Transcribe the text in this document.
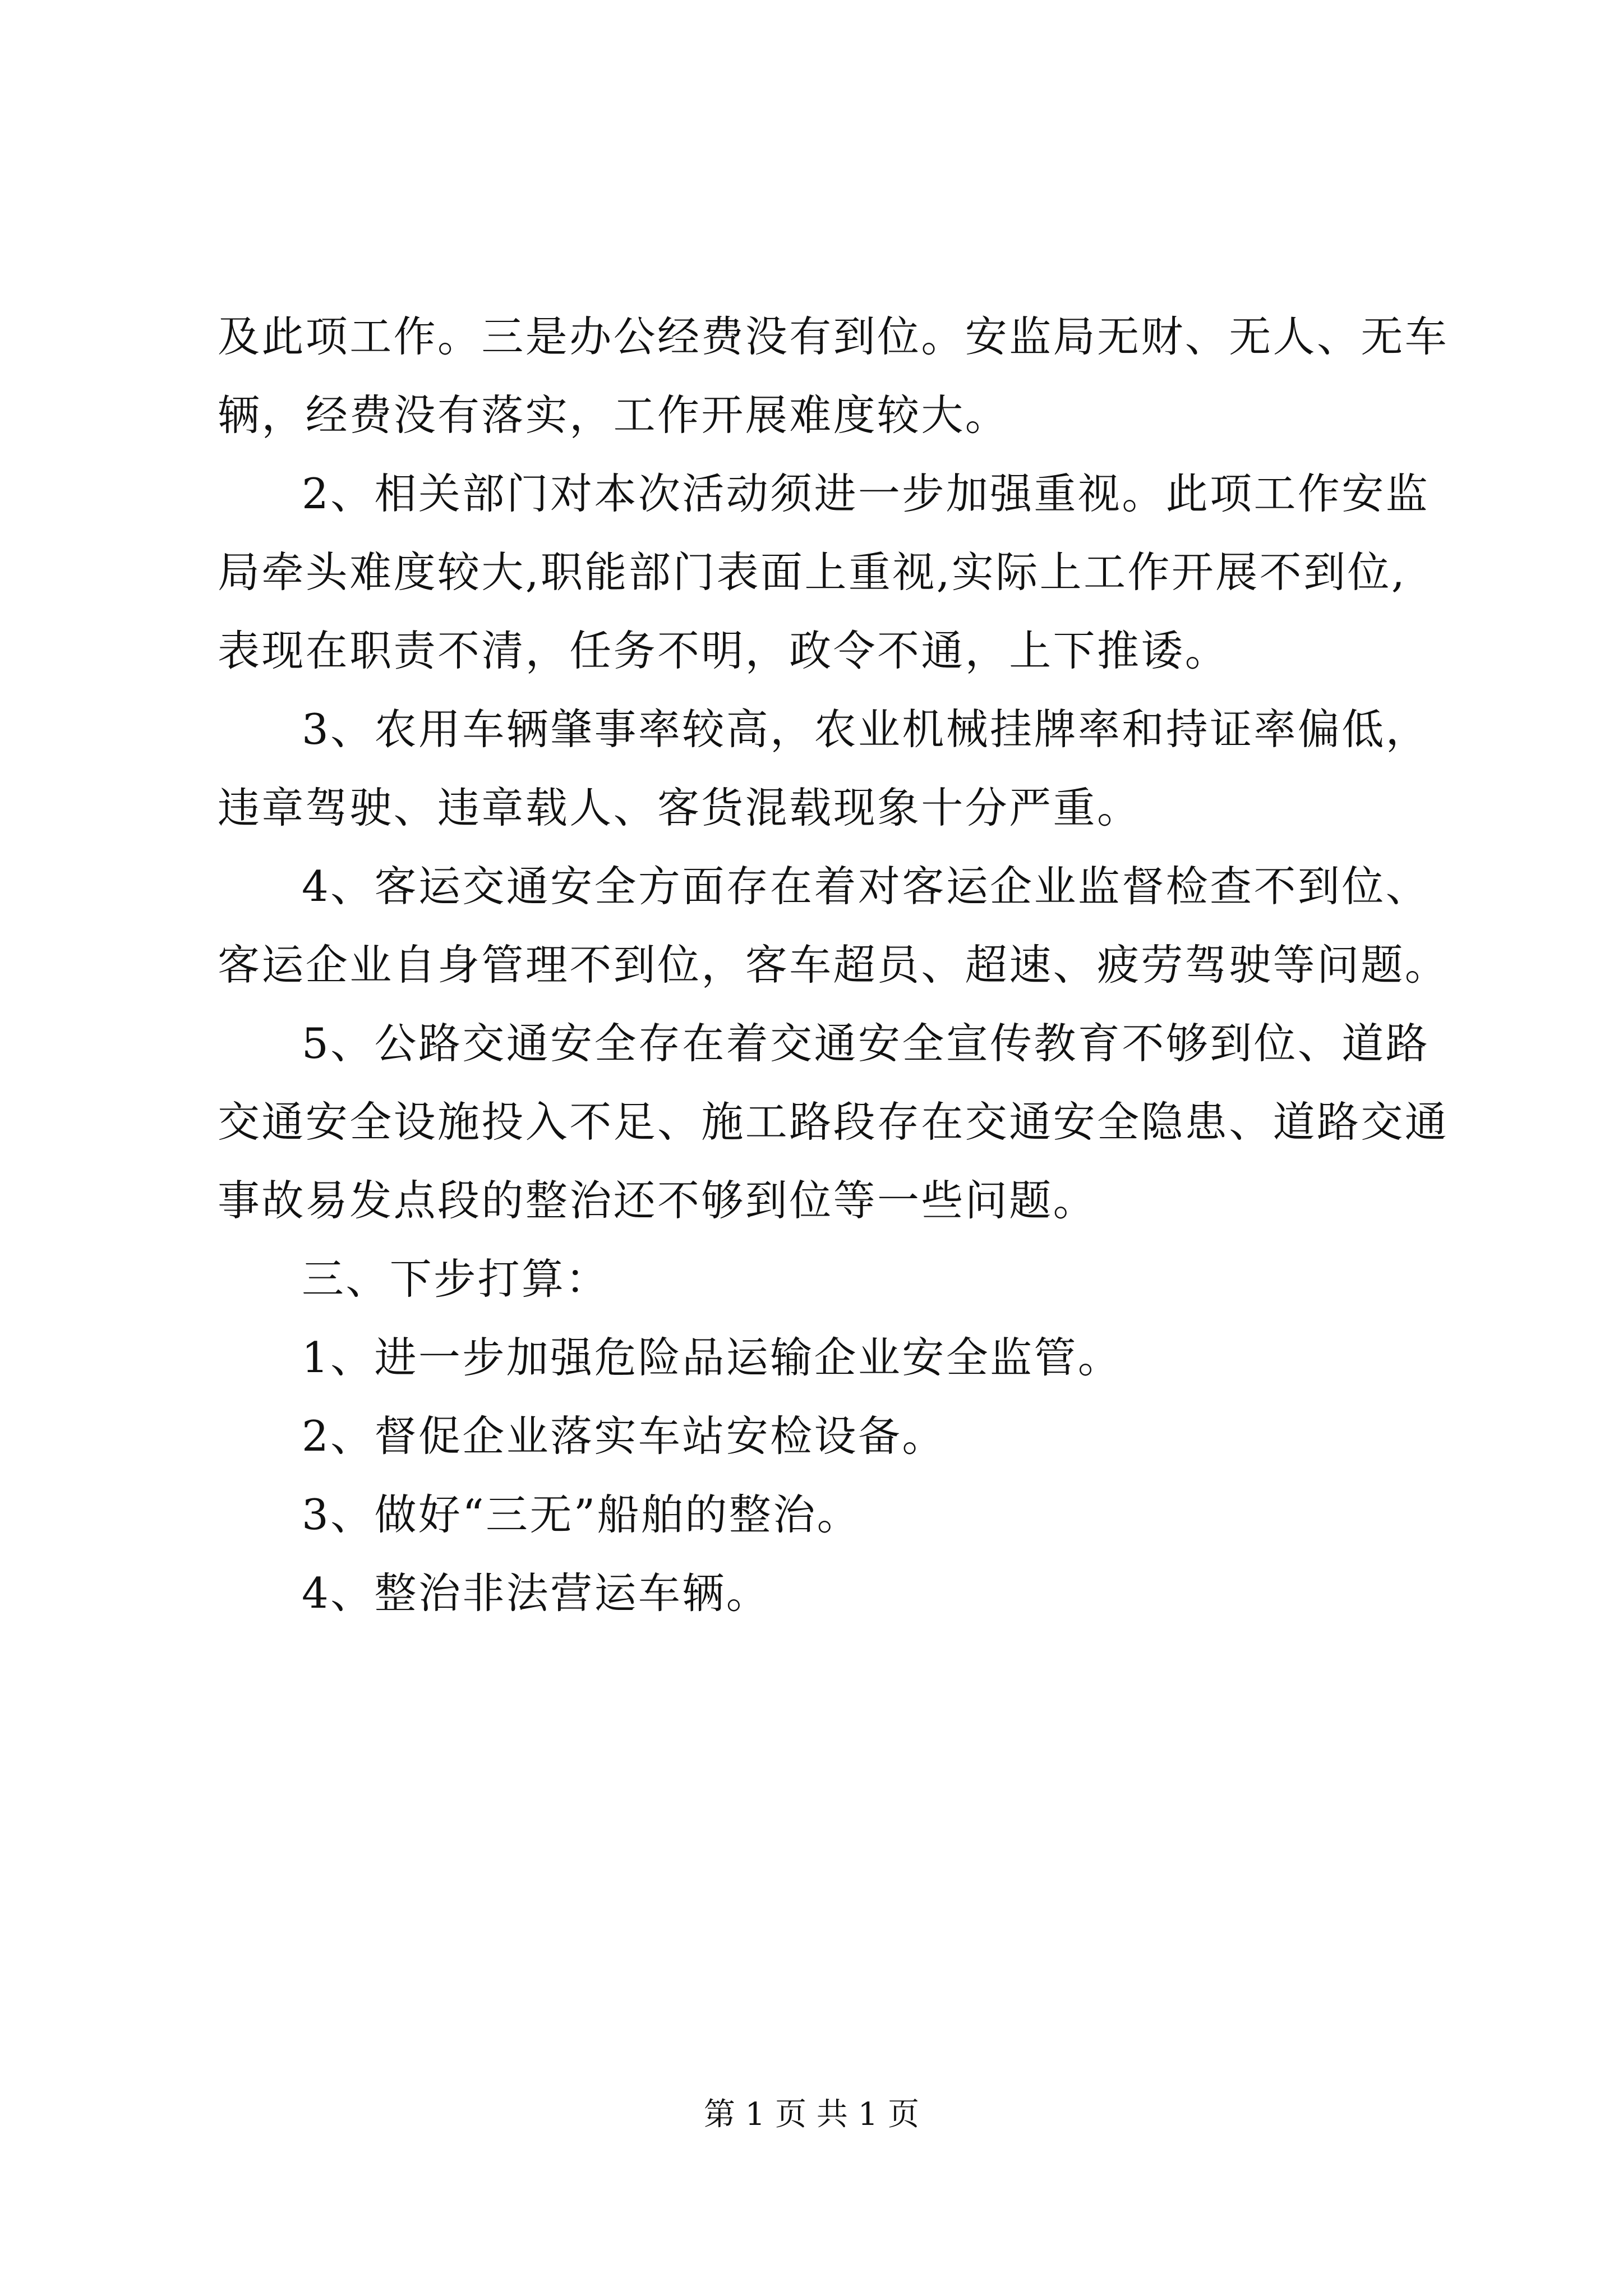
及此项工作。三是办公经费没有到位。安监局无财、无人、无车
辆，经费没有落实，工作开展难度较大。

2、相关部门对本次活动须进一步加强重视。此项工作安监
局牵头难度较大,职能部门表面上重视,实际上工作开展不到位,
表现在职责不清，任务不明，政令不通，上下推诿。

3、农用车辆肇事率较高，农业机械挂牌率和持证率偏低，
违章驾驶、违章载人、客货混载现象十分严重。

4、客运交通安全方面存在着对客运企业监督检查不到位、
客运企业自身管理不到位，客车超员、超速、疲劳驾驶等问题。

5、公路交通安全存在着交通安全宣传教育不够到位、道路
交通安全设施投入不足、施工路段存在交通安全隐患、道路交通
事故易发点段的整治还不够到位等一些问题。

三、下步打算：

1、进一步加强危险品运输企业安全监管。

2、督促企业落实车站安检设备。

3、做好“三无”船舶的整治。

4、整治非法营运车辆。

第 1 页 共 1 页
